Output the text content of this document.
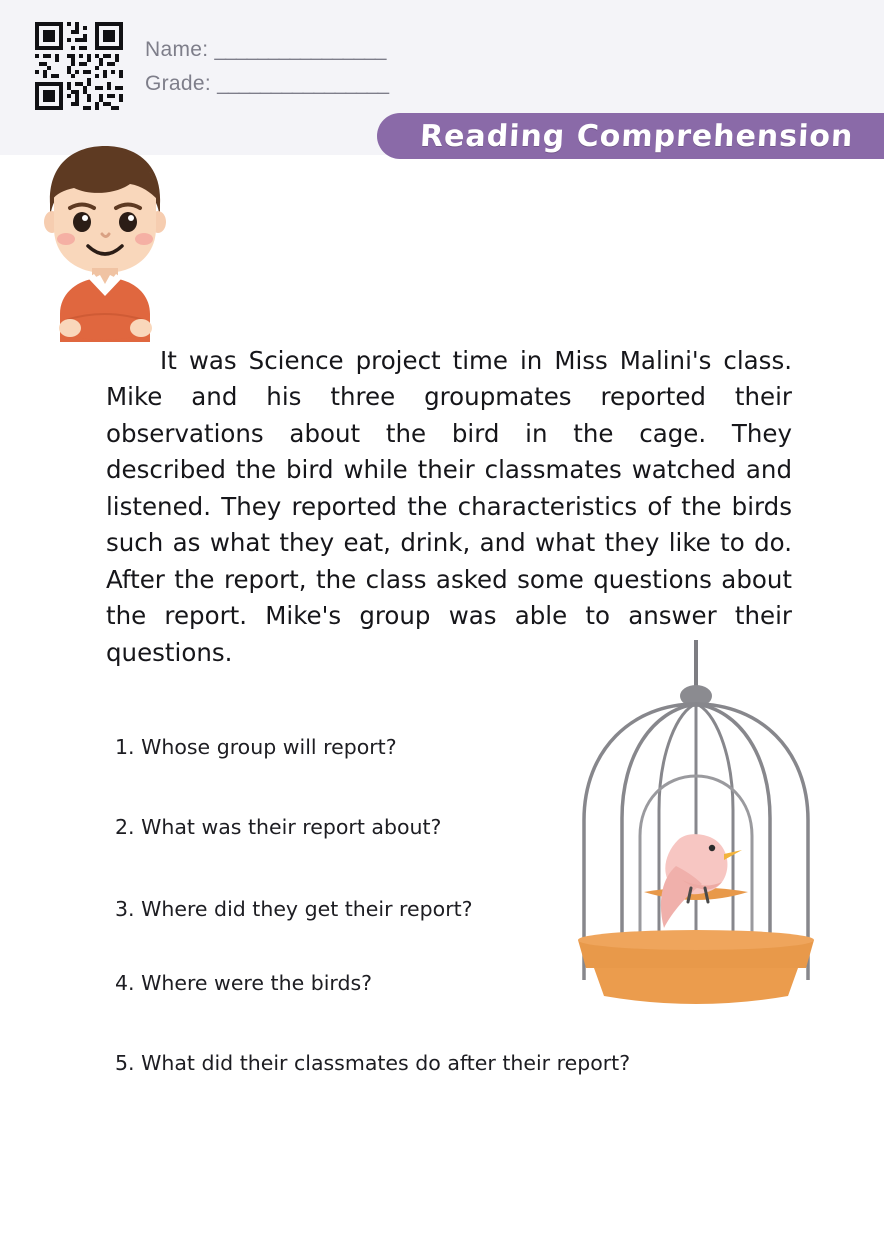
Name: ________________
Grade: ________________
Reading Comprehension

It was Science project time in Miss Malini's class. Mike and his three groupmates reported their observations about the bird in the cage. They described the bird while their classmates watched and listened. They reported the characteristics of the birds such as what they eat, drink, and what they like to do. After the report, the class asked some questions about the report. Mike's group was able to answer their questions.

1. Whose group will report?
2. What was their report about?
3. Where did they get their report?
4. Where were the birds?
5. What did their classmates do after their report?
